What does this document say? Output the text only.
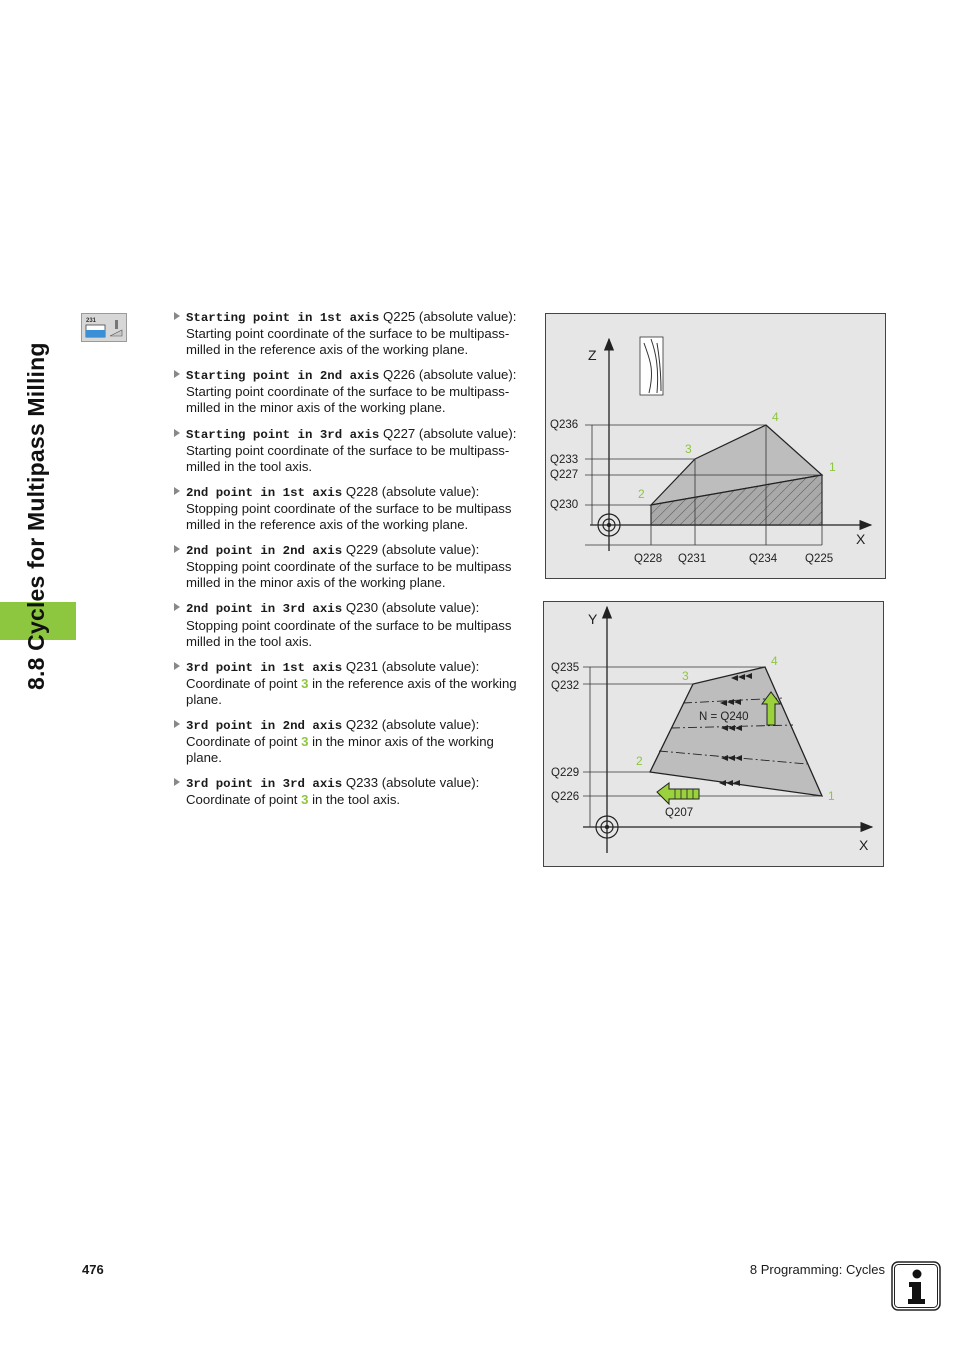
8.8 Cycles for Multipass Milling
231	Starting point in 1st axis Q225 (absolute value): Starting point coordinate of the surface to be multipass-milled in the reference axis of the working plane.
Starting point in 2nd axis Q226 (absolute value): Starting point coordinate of the surface to be multipass-milled in the minor axis of the working plane.
Starting point in 3rd axis Q227 (absolute value): Starting point coordinate of the surface to be multipass-milled in the tool axis.
2nd point in 1st axis Q228 (absolute value): Stopping point coordinate of the surface to be multipass milled in the reference axis of the working plane.
2nd point in 2nd axis Q229 (absolute value): Stopping point coordinate of the surface to be multipass milled in the minor axis of the working plane.
2nd point in 3rd axis Q230 (absolute value): Stopping point coordinate of the surface to be multipass milled in the tool axis.
3rd point in 1st axis Q231 (absolute value): Coordinate of point 3 in the reference axis of the working plane.
3rd point in 2nd axis Q232 (absolute value): Coordinate of point 3 in the minor axis of the working plane.
3rd point in 3rd axis Q233 (absolute value): Coordinate of point 3 in the tool axis.
Z
X
Q236
Q233
Q227
Q230
Q228 Q231	Q234 Q225
1
2
3
4
Y
X
Q235
Q232
Q229
Q226
N = Q240
Q207
1
2
3
4
476	8 Programming: Cycles
